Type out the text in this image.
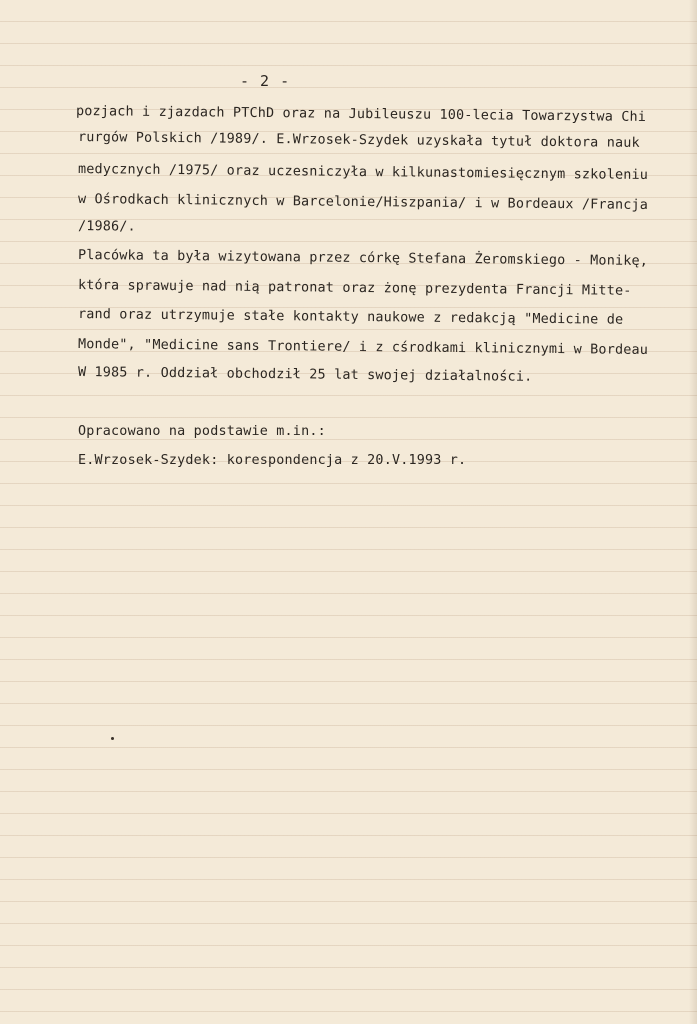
- 2 -
pozjach i zjazdach PTChD oraz na Jubileuszu 100-lecia Towarzystwa Chi
rurgów Polskich /1989/. E.Wrzosek-Szydek uzyskała tytuł doktora nauk
medycznych /1975/ oraz uczesniczyła w kilkunastomiesięcznym szkoleniu
w Ośrodkach klinicznych w Barcelonie/Hiszpania/ i w Bordeaux /Francja
/1986/.
Placówka ta była wizytowana przez córkę Stefana Żeromskiego - Monikę,
która sprawuje nad nią patronat oraz żonę prezydenta Francji Mitte-
rand oraz utrzymuje stałe kontakty naukowe z redakcją "Medicine de
Monde", "Medicine sans Trontiere/ i z cśrodkami klinicznymi w Bordeau
W 1985 r. Oddział obchodził 25 lat swojej działalności.
Opracowano na podstawie m.in.:
E.Wrzosek-Szydek: korespondencja z 20.V.1993 r.
